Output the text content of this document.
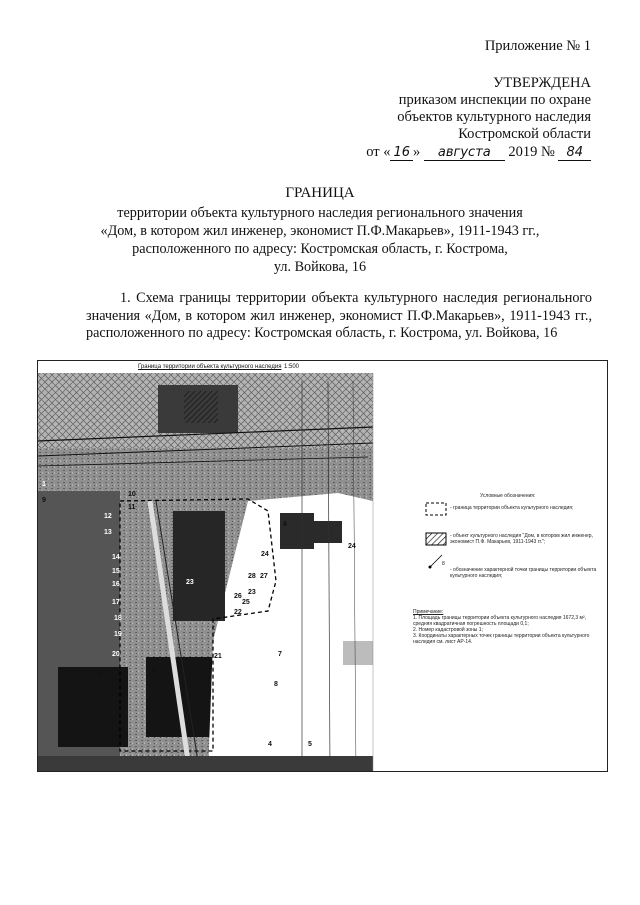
Приложение № 1
УТВЕРЖДЕНА
приказом инспекции по охране
объектов культурного наследия
Костромской области
от « 16 » августа 2019 № 84
ГРАНИЦА
территории объекта культурного наследия регионального значения
«Дом, в котором жил инженер, экономист П.Ф.Макарьев», 1911-1943 гг.,
расположенного по адресу: Костромская область, г. Кострома,
ул. Войкова, 16
1. Схема границы территории объекта культурного наследия регионального значения «Дом, в котором жил инженер, экономист П.Ф.Макарьев», 1911-1943 гг., расположенного по адресу: Костромская область, г. Кострома, ул. Войкова, 16
Граница территории объекта культурного наследия 1:500
1
12
13
14
15
16
17
18
19
20
11
21
22
26
27
28
25
23
23
24
2
3
4	5
6
7
8
9
10
24
Условные обозначения:
- граница территории объекта культурного наследия;
- объект культурного наследия "Дом, в котором жил инженер, экономист П.Ф. Макарьев, 1911-1943 гг.";
8
- обозначение характерной точки границы территории объекта культурного наследия;
Примечание:
1. Площадь границы территории объекта культурного наследия 1672,3 м², средняя квадратичная погрешность площади 0,1;
2. Номер кадастровой зоны 1;
3. Координаты характерных точек границы территории объекта культурного наследия см. лист АР-14.
